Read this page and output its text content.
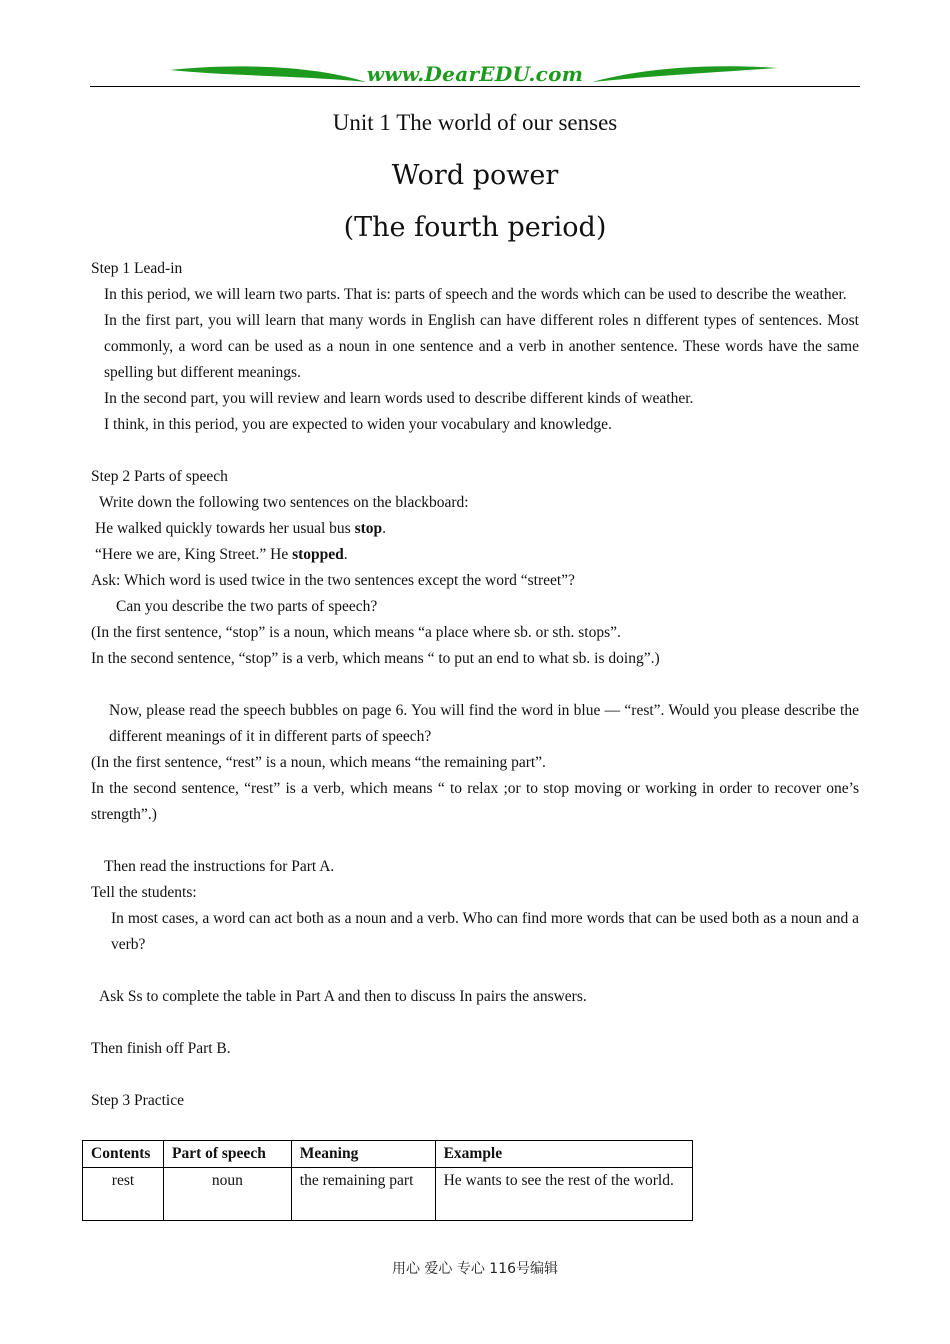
www.DearEDU.com
Unit 1 The world of our senses
Word power
(The fourth period)

Step 1 Lead-in

In this period, we will learn two parts. That is: parts of speech and the words which can be used to describe the weather.

In the first part, you will learn that many words in English can have different roles n different types of sentences. Most commonly, a word can be used as a noun in one sentence and a verb in another sentence. These words have the same spelling but different meanings.

In the second part, you will review and learn words used to describe different kinds of weather.

I think, in this period, you are expected to widen your vocabulary and knowledge.

Step 2 Parts of speech

Write down the following two sentences on the blackboard:

He walked quickly towards her usual bus stop.

“Here we are, King Street.” He stopped.

Ask: Which word is used twice in the two sentences except the word “street”?

Can you describe the two parts of speech?

(In the first sentence, “stop” is a noun, which means “a place where sb. or sth. stops”.

In the second sentence, “stop” is a verb, which means “ to put an end to what sb. is doing”.)

Now, please read the speech bubbles on page 6. You will find the word in blue — “rest”. Would you please describe the different meanings of it in different parts of speech?

(In the first sentence, “rest” is a noun, which means “the remaining part”.

In the second sentence, “rest” is a verb, which means “ to relax ;or to stop moving or working in order to recover one’s strength”.)

Then read the instructions for Part A.

Tell the students:

In most cases, a word can act both as a noun and a verb. Who can find more words that can be used both as a noun and a verb?

Ask Ss to complete the table in Part A and then to discuss In pairs the answers.

Then finish off Part B.

Step 3 Practice

Contents	Part of speech	Meaning	Example
rest	noun	the remaining part	He wants to see the rest of the world.
用心 爱心 专心 116号编辑
